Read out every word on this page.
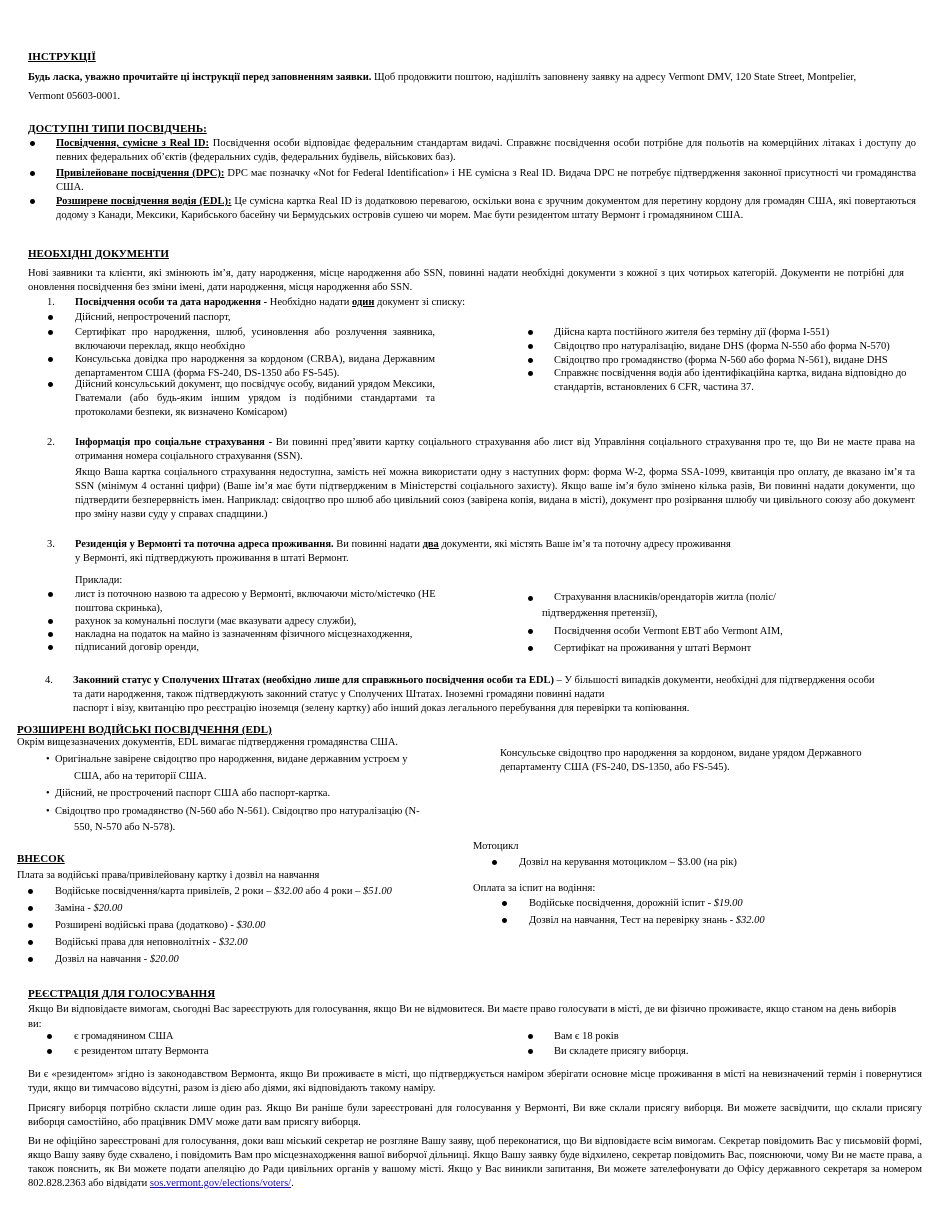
ІНСТРУКЦІЇ
Будь ласка, уважно прочитайте ці інструкції перед заповненням заявки. Щоб продовжити поштою, надішліть заповнену заявку на адресу Vermont DMV, 120 State Street, Montpelier,
Vermont 05603-0001.
ДОСТУПНІ ТИПИ ПОСВІДЧЕНЬ:
Посвідчення, сумісне з Real ID: Посвідчення особи відповідає федеральним стандартам видачі. Справжнє посвідчення особи потрібне для польотів на комерційних літаках і доступу до певних федеральних об’єктів (федеральних судів, федеральних будівель, військових баз).
Привілейоване посвідчення (DPC): DPC має позначку «Not for Federal Identification» і НЕ сумісна з Real ID. Видача DPC не потребує підтвердження законної присутності чи громадянства США.
Розширене посвідчення водія (EDL): Це сумісна картка Real ID із додатковою перевагою, оскільки вона є зручним документом для перетину кордону для громадян США, які повертаються додому з Канади, Мексики, Карибського басейну чи Бермудських островів сушею чи морем. Має бути резидентом штату Вермонт і громадянином США.
НЕОБХІДНІ ДОКУМЕНТИ
Нові заявники та клієнти, які змінюють ім’я, дату народження, місце народження або SSN, повинні надати необхідні документи з кожної з цих чотирьох категорій. Документи не потрібні для оновлення посвідчення без зміни імені, дати народження, місця народження або SSN.
1. Посвідчення особи та дата народження - Необхідно надати один документ зі списку:
Дійсний, непрострочений паспорт,
Сертифікат про народження, шлюб, усиновлення або розлучення заявника, включаючи переклад, якщо необхідно
Консульська довідка про народження за кордоном (CRBA), видана Державним департаментом США (форма FS-240, DS-1350 або FS-545).
Дійсний консульський документ, що посвідчує особу, виданий урядом Мексики, Гватемали (або будь-яким іншим урядом із подібними стандартами та протоколами безпеки, як визначено Комісаром)
Дійсна карта постійного жителя без терміну дії (форма I-551)
Свідоцтво про натуралізацію, видане DHS (форма N-550 або форма N-570)
Свідоцтво про громадянство (форма N-560 або форма N-561), видане DHS
Справжнє посвідчення водія або ідентифікаційна картка, видана відповідно до стандартів, встановлених 6 CFR, частина 37.
2. Інформація про соціальне страхування - Ви повинні пред’явити картку соціального страхування або лист від Управління соціального страхування про те, що Ви не маєте права на отримання номера соціального страхування (SSN).
Якщо Ваша картка соціального страхування недоступна, замість неї можна використати одну з наступних форм: форма W-2, форма SSA-1099, квитанція про оплату, де вказано ім’я та SSN (мінімум 4 останні цифри) (Ваше ім’я має бути підтвердженим в Міністерстві соціального захисту). Якщо ваше ім’я було змінено кілька разів, Ви повинні надати документи, що підтвердити безперервність імен. Наприклад: свідоцтво про шлюб або цивільний союз (завірена копія, видана в місті), документ про розірвання шлюбу чи цивільного союзу або документ про зміну назви суду у справах спадщини.)
3. Резиденція у Вермонті та поточна адреса проживання. Ви повинні надати два документи, які містять Ваше ім’я та поточну адресу проживання
у Вермонті, які підтверджують проживання в штаті Вермонт.
Приклади:
лист із поточною назвою та адресою у Вермонті, включаючи місто/містечко (НЕ поштова скринька),
рахунок за комунальні послуги (має вказувати адресу служби),
накладна на податок на майно із зазначенням фізичного місцезнаходження,
підписаний договір оренди,
Страхування власників/орендаторів житла (поліс/
підтвердження претензії),
Посвідчення особи Vermont EBT або Vermont AIM,
Сертифікат на проживання у штаті Вермонт
4. Законний статус у Сполучених Штатах (необхідно лише для справжнього посвідчення особи та EDL) – У більшості випадків документи, необхідні для підтвердження особи
та дати народження, також підтверджують законний статус у Сполучених Штатах. Іноземні громадяни повинні надати
паспорт і візу, квитанцію про реєстрацію іноземця (зелену картку) або інший доказ легального перебування для перевірки та копіювання.
РОЗШИРЕНІ ВОДІЙСЬКІ ПОСВІДЧЕННЯ (EDL)
Окрім вищезазначених документів, EDL вимагає підтвердження громадянства США.
•  Оригінальне завірене свідоцтво про народження, видане державним устроєм у
США, або на території США.
•  Дійсний, не прострочений паспорт США або паспорт-картка.
•  Свідоцтво про громадянство (N-560 або N-561). Свідоцтво про натуралізацію (N-
550, N-570 або N-578).
Консульське свідоцтво про народження за кордоном, видане урядом Державного департаменту США (FS-240, DS-1350, або FS-545).
ВНЕСОК
Плата за водійські права/привілейовану картку і дозвіл на навчання
Водійське посвідчення/карта привілеїв, 2 роки – $32.00 або 4 роки – $51.00
Заміна - $20.00
Розширені водійські права (додатково) - $30.00
Водійські права для неповнолітніх - $32.00
Дозвіл на навчання - $20.00
Мотоцикл
Дозвіл на керування мотоциклом – $3.00 (на рік)
Оплата за іспит на водіння:
Водійське посвідчення, дорожній іспит - $19.00
Дозвіл на навчання, Тест на перевірку знань - $32.00
РЕЄСТРАЦІЯ ДЛЯ ГОЛОСУВАННЯ
Якщо Ви відповідаєте вимогам, сьогодні Вас зареєструють для голосування, якщо Ви не відмовитеся. Ви маєте право голосувати в місті, де ви фізично проживаєте, якщо станом на день виборів ви:
є громадянином США
є резидентом штату Вермонта
Вам є 18 років
Ви складете присягу виборця.
Ви є «резидентом» згідно із законодавством Вермонта, якщо Ви проживаєте в місті, що підтверджується наміром зберігати основне місце проживання в місті на невизначений термін і повернутися туди, якщо ви тимчасово відсутні, разом із дією або діями, які відповідають такому наміру.
Присягу виборця потрібно скласти лише один раз. Якщо Ви раніше були зареєстровані для голосування у Вермонті, Ви вже склали присягу виборця. Ви можете засвідчити, що склали присягу виборця самостійно, або працівник DMV може дати вам присягу виборця.
Ви не офіційно зареєстровані для голосування, доки ваш міський секретар не розгляне Вашу заяву, щоб переконатися, що Ви відповідаєте всім вимогам. Секретар повідомить Вас у письмовій формі, якщо Вашу заяву буде схвалено, і повідомить Вам про місцезнаходження вашої виборчої дільниці. Якщо Вашу заявку буде відхилено, секретар повідомить Вас, пояснюючи, чому Ви не маєте права, а також пояснить, як Ви можете подати апеляцію до Ради цивільних органів у вашому місті. Якщо у Вас виникли запитання, Ви можете зателефонувати до Офісу державного секретаря за номером 802.828.2363 або відвідати sos.vermont.gov/elections/voters/.
